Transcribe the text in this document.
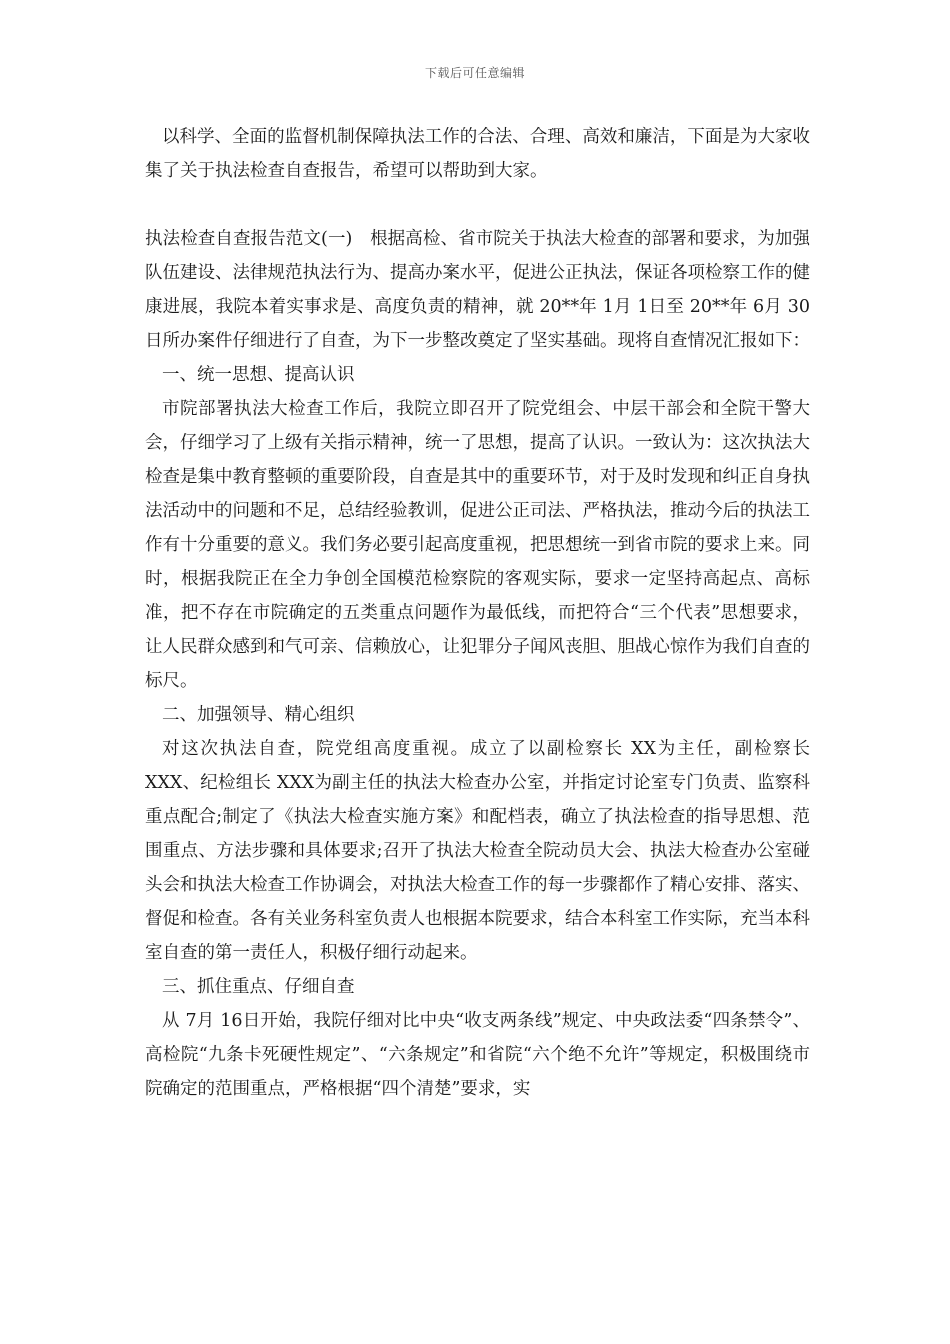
下载后可任意编辑

以科学、全面的监督机制保障执法工作的合法、合理、高效和廉洁，下面是为大家收集了关于执法检查自查报告，希望可以帮助到大家。

执法检查自查报告范文(一)　根据高检、省市院关于执法大检查的部署和要求，为加强队伍建设、法律规范执法行为、提高办案水平，促进公正执法，保证各项检察工作的健康进展，我院本着实事求是、高度负责的精神，就 20**年 1月 1日至 20**年 6月 30日所办案件仔细进行了自查，为下一步整改奠定了坚实基础。现将自查情况汇报如下：

一、统一思想、提高认识

市院部署执法大检查工作后，我院立即召开了院党组会、中层干部会和全院干警大会，仔细学习了上级有关指示精神，统一了思想，提高了认识。一致认为：这次执法大检查是集中教育整顿的重要阶段，自查是其中的重要环节，对于及时发现和纠正自身执法活动中的问题和不足，总结经验教训，促进公正司法、严格执法，推动今后的执法工作有十分重要的意义。我们务必要引起高度重视，把思想统一到省市院的要求上来。同时，根据我院正在全力争创全国模范检察院的客观实际，要求一定坚持高起点、高标准，把不存在市院确定的五类重点问题作为最低线，而把符合“三个代表”思想要求，让人民群众感到和气可亲、信赖放心，让犯罪分子闻风丧胆、胆战心惊作为我们自查的标尺。

二、加强领导、精心组织

对这次执法自查，院党组高度重视。成立了以副检察长 XX为主任，副检察长 XXX、纪检组长 XXX为副主任的执法大检查办公室，并指定讨论室专门负责、监察科重点配合;制定了《执法大检查实施方案》和配档表，确立了执法检查的指导思想、范围重点、方法步骤和具体要求;召开了执法大检查全院动员大会、执法大检查办公室碰头会和执法大检查工作协调会，对执法大检查工作的每一步骤都作了精心安排、落实、督促和检查。各有关业务科室负责人也根据本院要求，结合本科室工作实际，充当本科室自查的第一责任人，积极仔细行动起来。

三、抓住重点、仔细自查

从 7月 16日开始，我院仔细对比中央“收支两条线”规定、中央政法委“四条禁令”、高检院“九条卡死硬性规定”、“六条规定”和省院“六个绝不允许”等规定，积极围绕市院确定的范围重点，严格根据“四个清楚”要求，实
